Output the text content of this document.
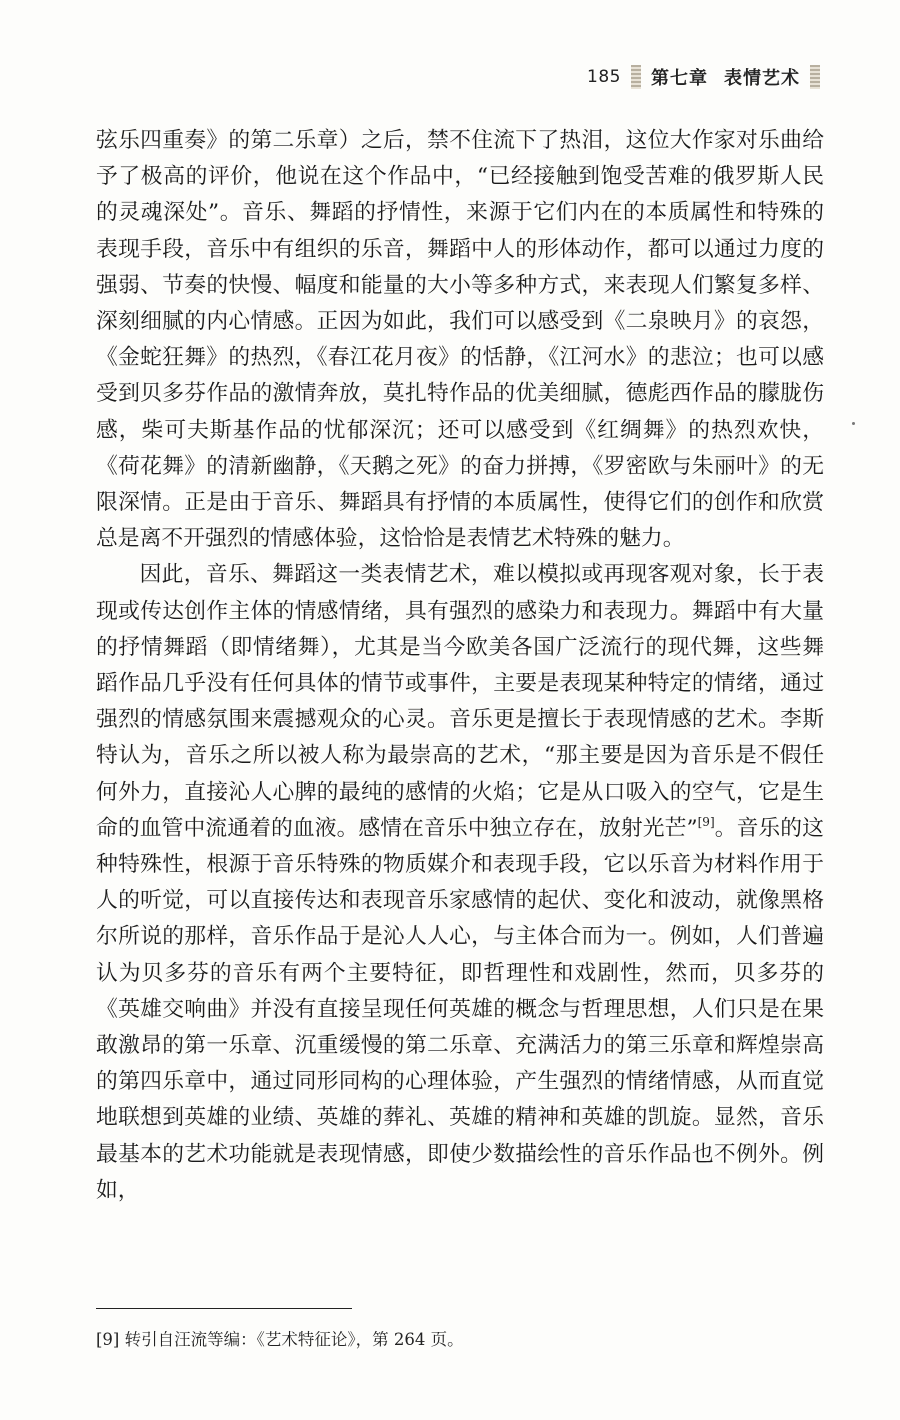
185 第七章 表情艺术

弦乐四重奏》的第二乐章）之后，禁不住流下了热泪，这位大作家对乐曲给予了极高的评价，他说在这个作品中，“已经接触到饱受苦难的俄罗斯人民的灵魂深处”。音乐、舞蹈的抒情性，来源于它们内在的本质属性和特殊的表现手段，音乐中有组织的乐音，舞蹈中人的形体动作，都可以通过力度的强弱、节奏的快慢、幅度和能量的大小等多种方式，来表现人们繁复多样、深刻细腻的内心情感。正因为如此，我们可以感受到《二泉映月》的哀怨，《金蛇狂舞》的热烈，《春江花月夜》的恬静，《江河水》的悲泣；也可以感受到贝多芬作品的激情奔放，莫扎特作品的优美细腻，德彪西作品的朦胧伤感，柴可夫斯基作品的忧郁深沉；还可以感受到《红绸舞》的热烈欢快，《荷花舞》的清新幽静，《天鹅之死》的奋力拼搏，《罗密欧与朱丽叶》的无限深情。正是由于音乐、舞蹈具有抒情的本质属性，使得它们的创作和欣赏总是离不开强烈的情感体验，这恰恰是表情艺术特殊的魅力。

因此，音乐、舞蹈这一类表情艺术，难以模拟或再现客观对象，长于表现或传达创作主体的情感情绪，具有强烈的感染力和表现力。舞蹈中有大量的抒情舞蹈（即情绪舞），尤其是当今欧美各国广泛流行的现代舞，这些舞蹈作品几乎没有任何具体的情节或事件，主要是表现某种特定的情绪，通过强烈的情感氛围来震撼观众的心灵。音乐更是擅长于表现情感的艺术。李斯特认为，音乐之所以被人称为最崇高的艺术，“那主要是因为音乐是不假任何外力，直接沁人心脾的最纯的感情的火焰；它是从口吸入的空气，它是生命的血管中流通着的血液。感情在音乐中独立存在，放射光芒”[9]。音乐的这种特殊性，根源于音乐特殊的物质媒介和表现手段，它以乐音为材料作用于人的听觉，可以直接传达和表现音乐家感情的起伏、变化和波动，就像黑格尔所说的那样，音乐作品于是沁人人心，与主体合而为一。例如，人们普遍认为贝多芬的音乐有两个主要特征，即哲理性和戏剧性，然而，贝多芬的《英雄交响曲》并没有直接呈现任何英雄的概念与哲理思想，人们只是在果敢激昂的第一乐章、沉重缓慢的第二乐章、充满活力的第三乐章和辉煌崇高的第四乐章中，通过同形同构的心理体验，产生强烈的情绪情感，从而直觉地联想到英雄的业绩、英雄的葬礼、英雄的精神和英雄的凯旋。显然，音乐最基本的艺术功能就是表现情感，即使少数描绘性的音乐作品也不例外。例如，

[9] 转引自汪流等编：《艺术特征论》，第 264 页。
